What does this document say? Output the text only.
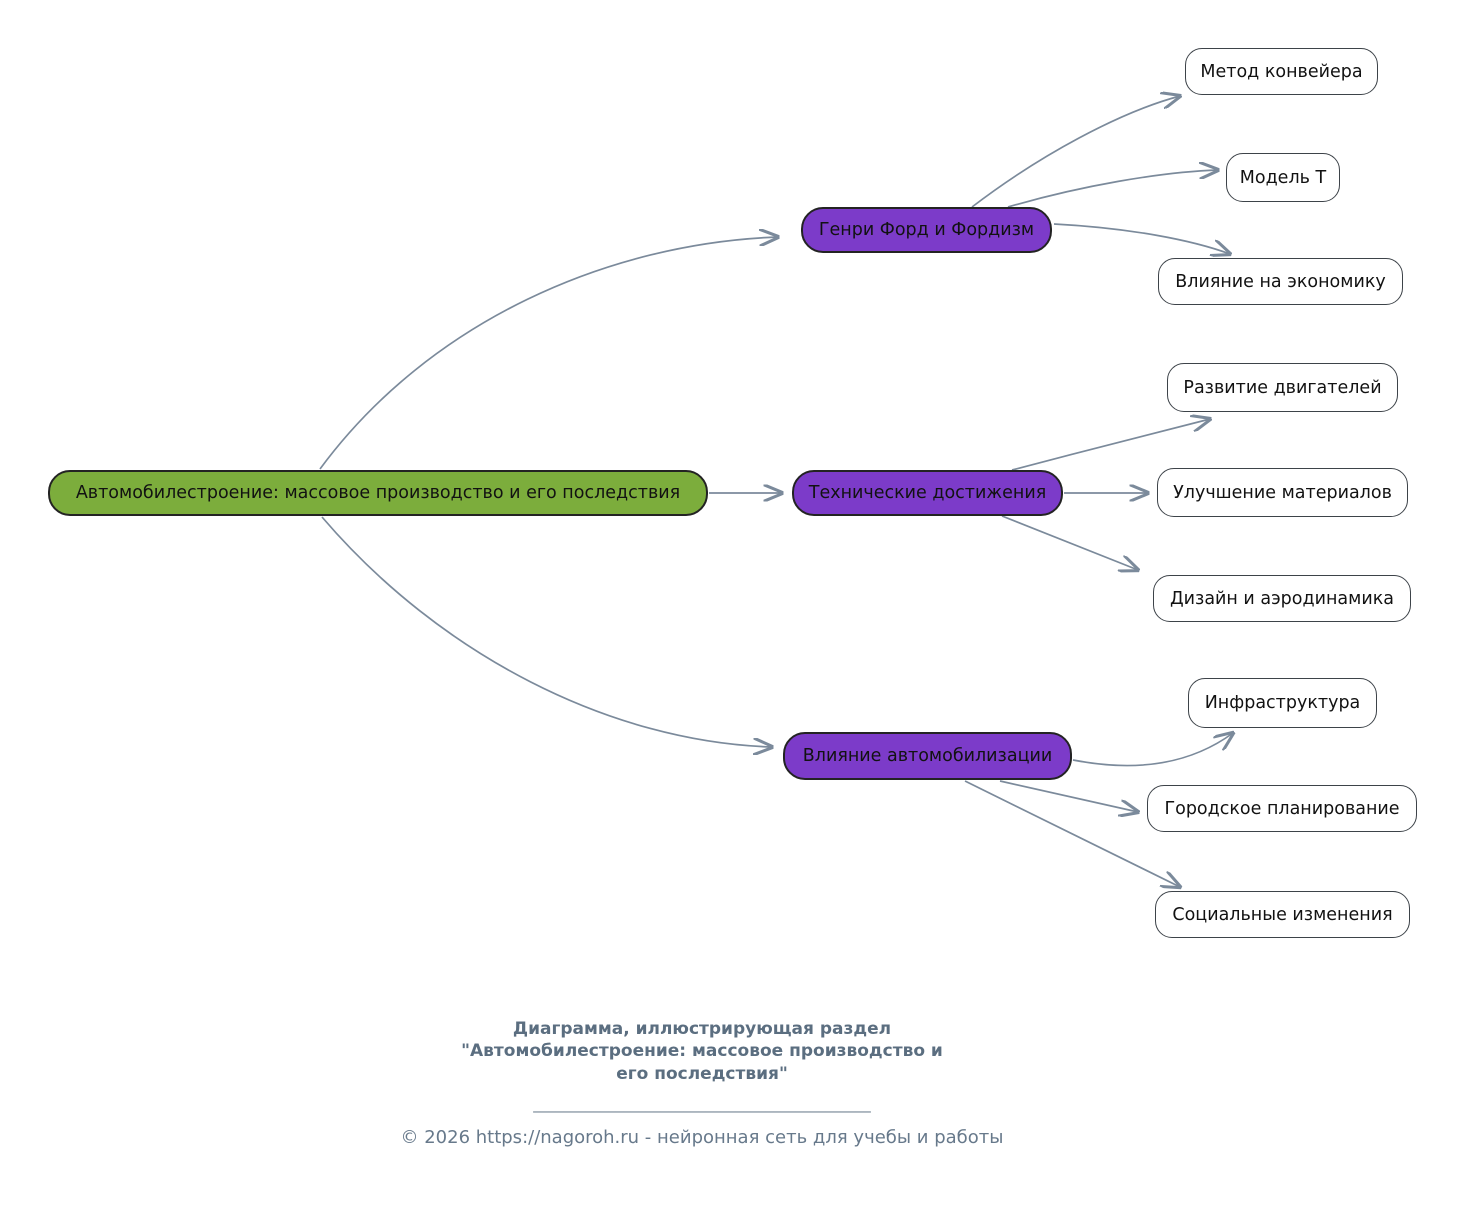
Автомобилестроение: массовое производство и его последствия
Генри Форд и Фордизм
Технические достижения
Влияние автомобилизации
Метод конвейера
Модель Т
Влияние на экономику
Развитие двигателей
Улучшение материалов
Дизайн и аэродинамика
Инфраструктура
Городское планирование
Социальные изменения
Диаграмма, иллюстрирующая раздел
"Автомобилестроение: массовое производство и
его последствия"
_____________________________________________
© 2026 https://nagoroh.ru - нейронная сеть для учебы и работы
